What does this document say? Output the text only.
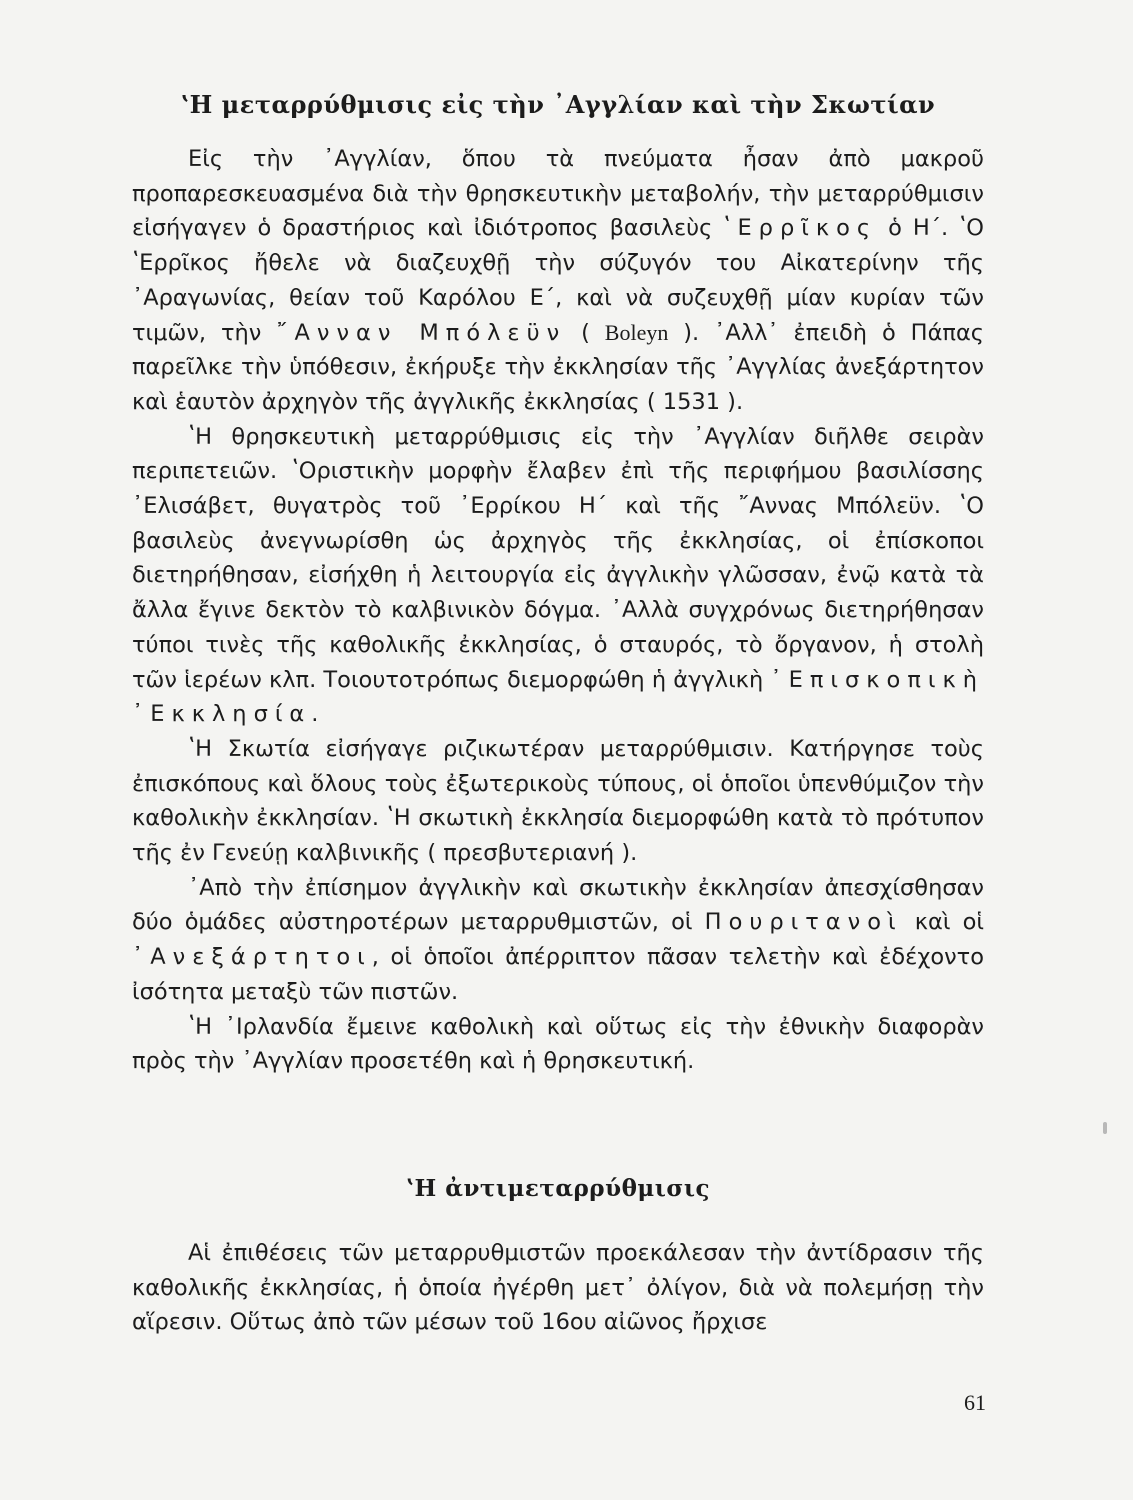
ʽΗ μεταρρύθμισις εἰς τὴν ᾿Αγγλίαν καὶ τὴν Σκωτίαν

Εἰς τὴν ᾿Αγγλίαν, ὅπου τὰ πνεύματα ἦσαν ἀπὸ μακροῦ προπαρεσκευασμένα διὰ τὴν θρησκευτικὴν μεταβολήν, τὴν μεταρρύθμισιν εἰσήγαγεν ὁ δραστήριος καὶ ἰδιότροπος βασιλεὺς ʽΕρρῖκος ὁ Η΄. ʽΟ ʽΕρρῖκος ἤθελε νὰ διαζευχθῇ τὴν σύζυγόν του Αἰκατερίνην τῆς ᾿Αραγωνίας, θείαν τοῦ Καρόλου Ε΄, καὶ νὰ συζευχθῇ μίαν κυρίαν τῶν τιμῶν, τὴν ῎Ανναν Μπόλεϋν ( Boleyn ). ᾿Αλλ᾿ ἐπειδὴ ὁ Πάπας παρεῖλκε τὴν ὑπόθεσιν, ἐκήρυξε τὴν ἐκκλησίαν τῆς ᾿Αγγλίας ἀνεξάρτητον καὶ ἑαυτὸν ἀρχηγὸν τῆς ἀγγλικῆς ἐκκλησίας ( 1531 ).

ʽΗ θρησκευτικὴ μεταρρύθμισις εἰς τὴν ᾿Αγγλίαν διῆλθε σειρὰν περιπετειῶν. ʽΟριστικὴν μορφὴν ἔλαβεν ἐπὶ τῆς περιφήμου βασιλίσσης ᾿Ελισάβετ, θυγατρὸς τοῦ ᾿Ερρίκου Η΄ καὶ τῆς ῎Αννας Μπόλεϋν. ʽΟ βασιλεὺς ἀνεγνωρίσθη ὡς ἀρχηγὸς τῆς ἐκκλησίας, οἱ ἐπίσκοποι διετηρήθησαν, εἰσήχθη ἡ λειτουργία εἰς ἀγγλικὴν γλῶσσαν, ἐνῷ κατὰ τὰ ἄλλα ἔγινε δεκτὸν τὸ καλβινικὸν δόγμα. ᾿Αλλὰ συγχρόνως διετηρήθησαν τύποι τινὲς τῆς καθολικῆς ἐκκλησίας, ὁ σταυρός, τὸ ὄργανον, ἡ στολὴ τῶν ἱερέων κλπ. Τοιουτοτρόπως διεμορφώθη ἡ ἀγγλικὴ ᾿Επισκοπικὴ ᾿Εκκλησία.

ʽΗ Σκωτία εἰσήγαγε ριζικωτέραν μεταρρύθμισιν. Κατήργησε τοὺς ἐπισκόπους καὶ ὅλους τοὺς ἐξωτερικοὺς τύπους, οἱ ὁποῖοι ὑπενθύμιζον τὴν καθολικὴν ἐκκλησίαν. ʽΗ σκωτικὴ ἐκκλησία διεμορφώθη κατὰ τὸ πρότυπον τῆς ἐν Γενεύῃ καλβινικῆς ( πρεσβυτεριανή ).

᾿Απὸ τὴν ἐπίσημον ἀγγλικὴν καὶ σκωτικὴν ἐκκλησίαν ἀπεσχίσθησαν δύο ὁμάδες αὐστηροτέρων μεταρρυθμιστῶν, οἱ Πουριτανοὶ καὶ οἱ ᾿Ανεξάρτητοι, οἱ ὁποῖοι ἀπέρριπτον πᾶσαν τελετὴν καὶ ἐδέχοντο ἰσότητα μεταξὺ τῶν πιστῶν.

ʽΗ ᾿Ιρλανδία ἔμεινε καθολικὴ καὶ οὕτως εἰς τὴν ἐθνικὴν διαφορὰν πρὸς τὴν ᾿Αγγλίαν προσετέθη καὶ ἡ θρησκευτική.

ʽΗ ἀντιμεταρρύθμισις

Αἱ ἐπιθέσεις τῶν μεταρρυθμιστῶν προεκάλεσαν τὴν ἀντίδρασιν τῆς καθολικῆς ἐκκλησίας, ἡ ὁποία ἠγέρθη μετ᾿ ὀλίγον, διὰ νὰ πολεμήσῃ τὴν αἵρεσιν. Οὕτως ἀπὸ τῶν μέσων τοῦ 16ου αἰῶνος ἤρχισε

61
